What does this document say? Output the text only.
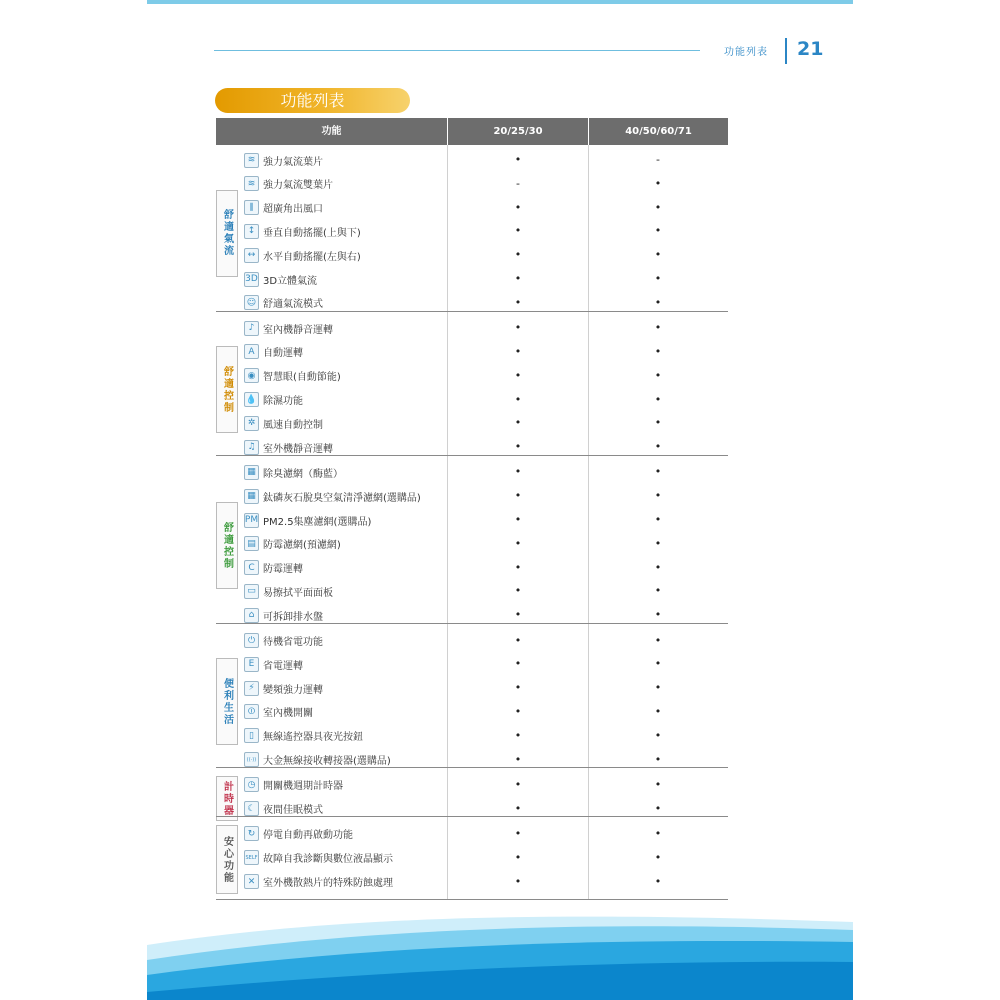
功能列表 21
功能列表
功能	20/25/30	40/50/60/71
≋ 強力氣流葉片	•	-
≋ 強力氣流雙葉片	-	•
⫼ 超廣角出風口	•	•
↕ 垂直自動搖擺(上與下)	•	•
↔ 水平自動搖擺(左與右)	•	•
3D 3D立體氣流	•	•
☺ 舒適氣流模式	•	•
舒適氣流
♪ 室內機靜音運轉	•	•
A 自動運轉	•	•
◉ 智慧眼(自動節能)	•	•
💧 除濕功能	•	•
✲ 風速自動控制	•	•
♫ 室外機靜音運轉	•	•
舒適控制
▦ 除臭濾網（酶藍）	•	•
▦ 鈦磷灰石脫臭空氣清淨濾網(選購品)	•	•
PM PM2.5集塵濾網(選購品)	•	•
▤ 防霉濾網(預濾網)	•	•
C 防霉運轉	•	•
▭ 易擦拭平面面板	•	•
⌂ 可拆卸排水盤	•	•
舒適控制
⏻ 待機省電功能	•	•
E 省電運轉	•	•
⚡ 變頻強力運轉	•	•
⏼ 室內機開關	•	•
▯ 無線遙控器具夜光按鈕	•	•
((·)) 大金無線接收轉接器(選購品)	•	•
便利生活
◷ 開關機週期計時器	•	•
☾ 夜間佳眠模式	•	•
計時器
↻ 停電自動再啟動功能	•	•
SELF 故障自我診斷與數位液晶顯示	•	•
✕ 室外機散熱片的特殊防蝕處理	•	•
安心功能
